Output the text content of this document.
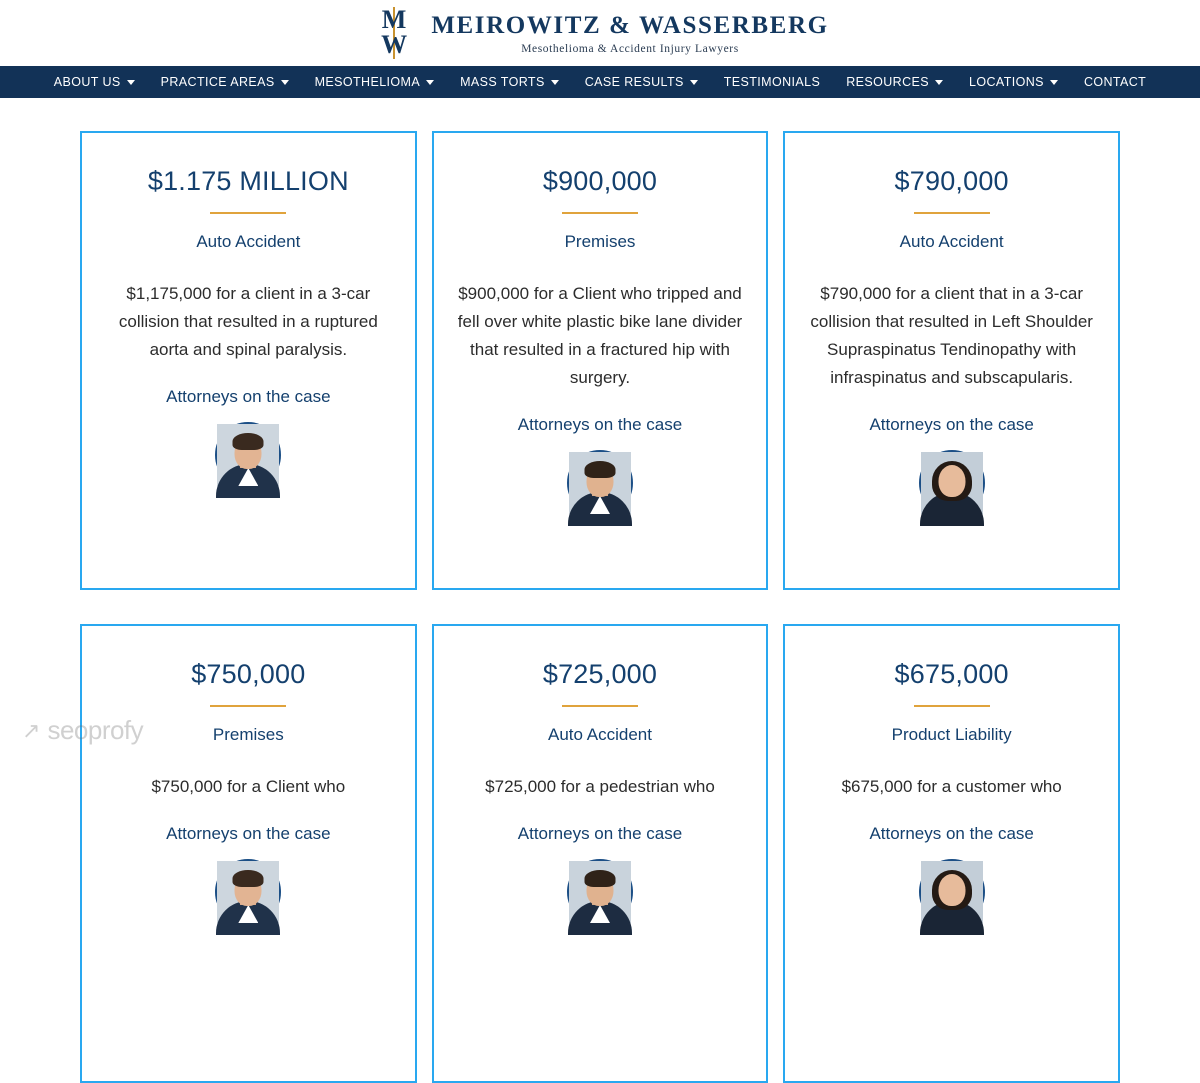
M
W
MEIROWITZ & WASSERBERG
Mesothelioma & Accident Injury Lawyers
ABOUT US	PRACTICE AREAS	MESOTHELIOMA	MASS TORTS	CASE RESULTS	TESTIMONIALS RESOURCES	LOCATIONS	CONTACT
$1.175 MILLION
Auto Accident
$1,175,000 for a client in a 3-car collision that resulted in a ruptured aorta and spinal paralysis.
Attorneys on the case
$900,000
Premises
$900,000 for a Client who tripped and fell over white plastic bike lane divider that resulted in a fractured hip with surgery.
Attorneys on the case
$790,000
Auto Accident
$790,000 for a client that in a 3-car collision that resulted in Left Shoulder Supraspinatus Tendinopathy with infraspinatus and subscapularis.
Attorneys on the case
$750,000
Premises
$750,000 for a Client who
Attorneys on the case
$725,000
Auto Accident
$725,000 for a pedestrian who
Attorneys on the case
$675,000
Product Liability
$675,000 for a customer who
Attorneys on the case
↗ seoprofy
